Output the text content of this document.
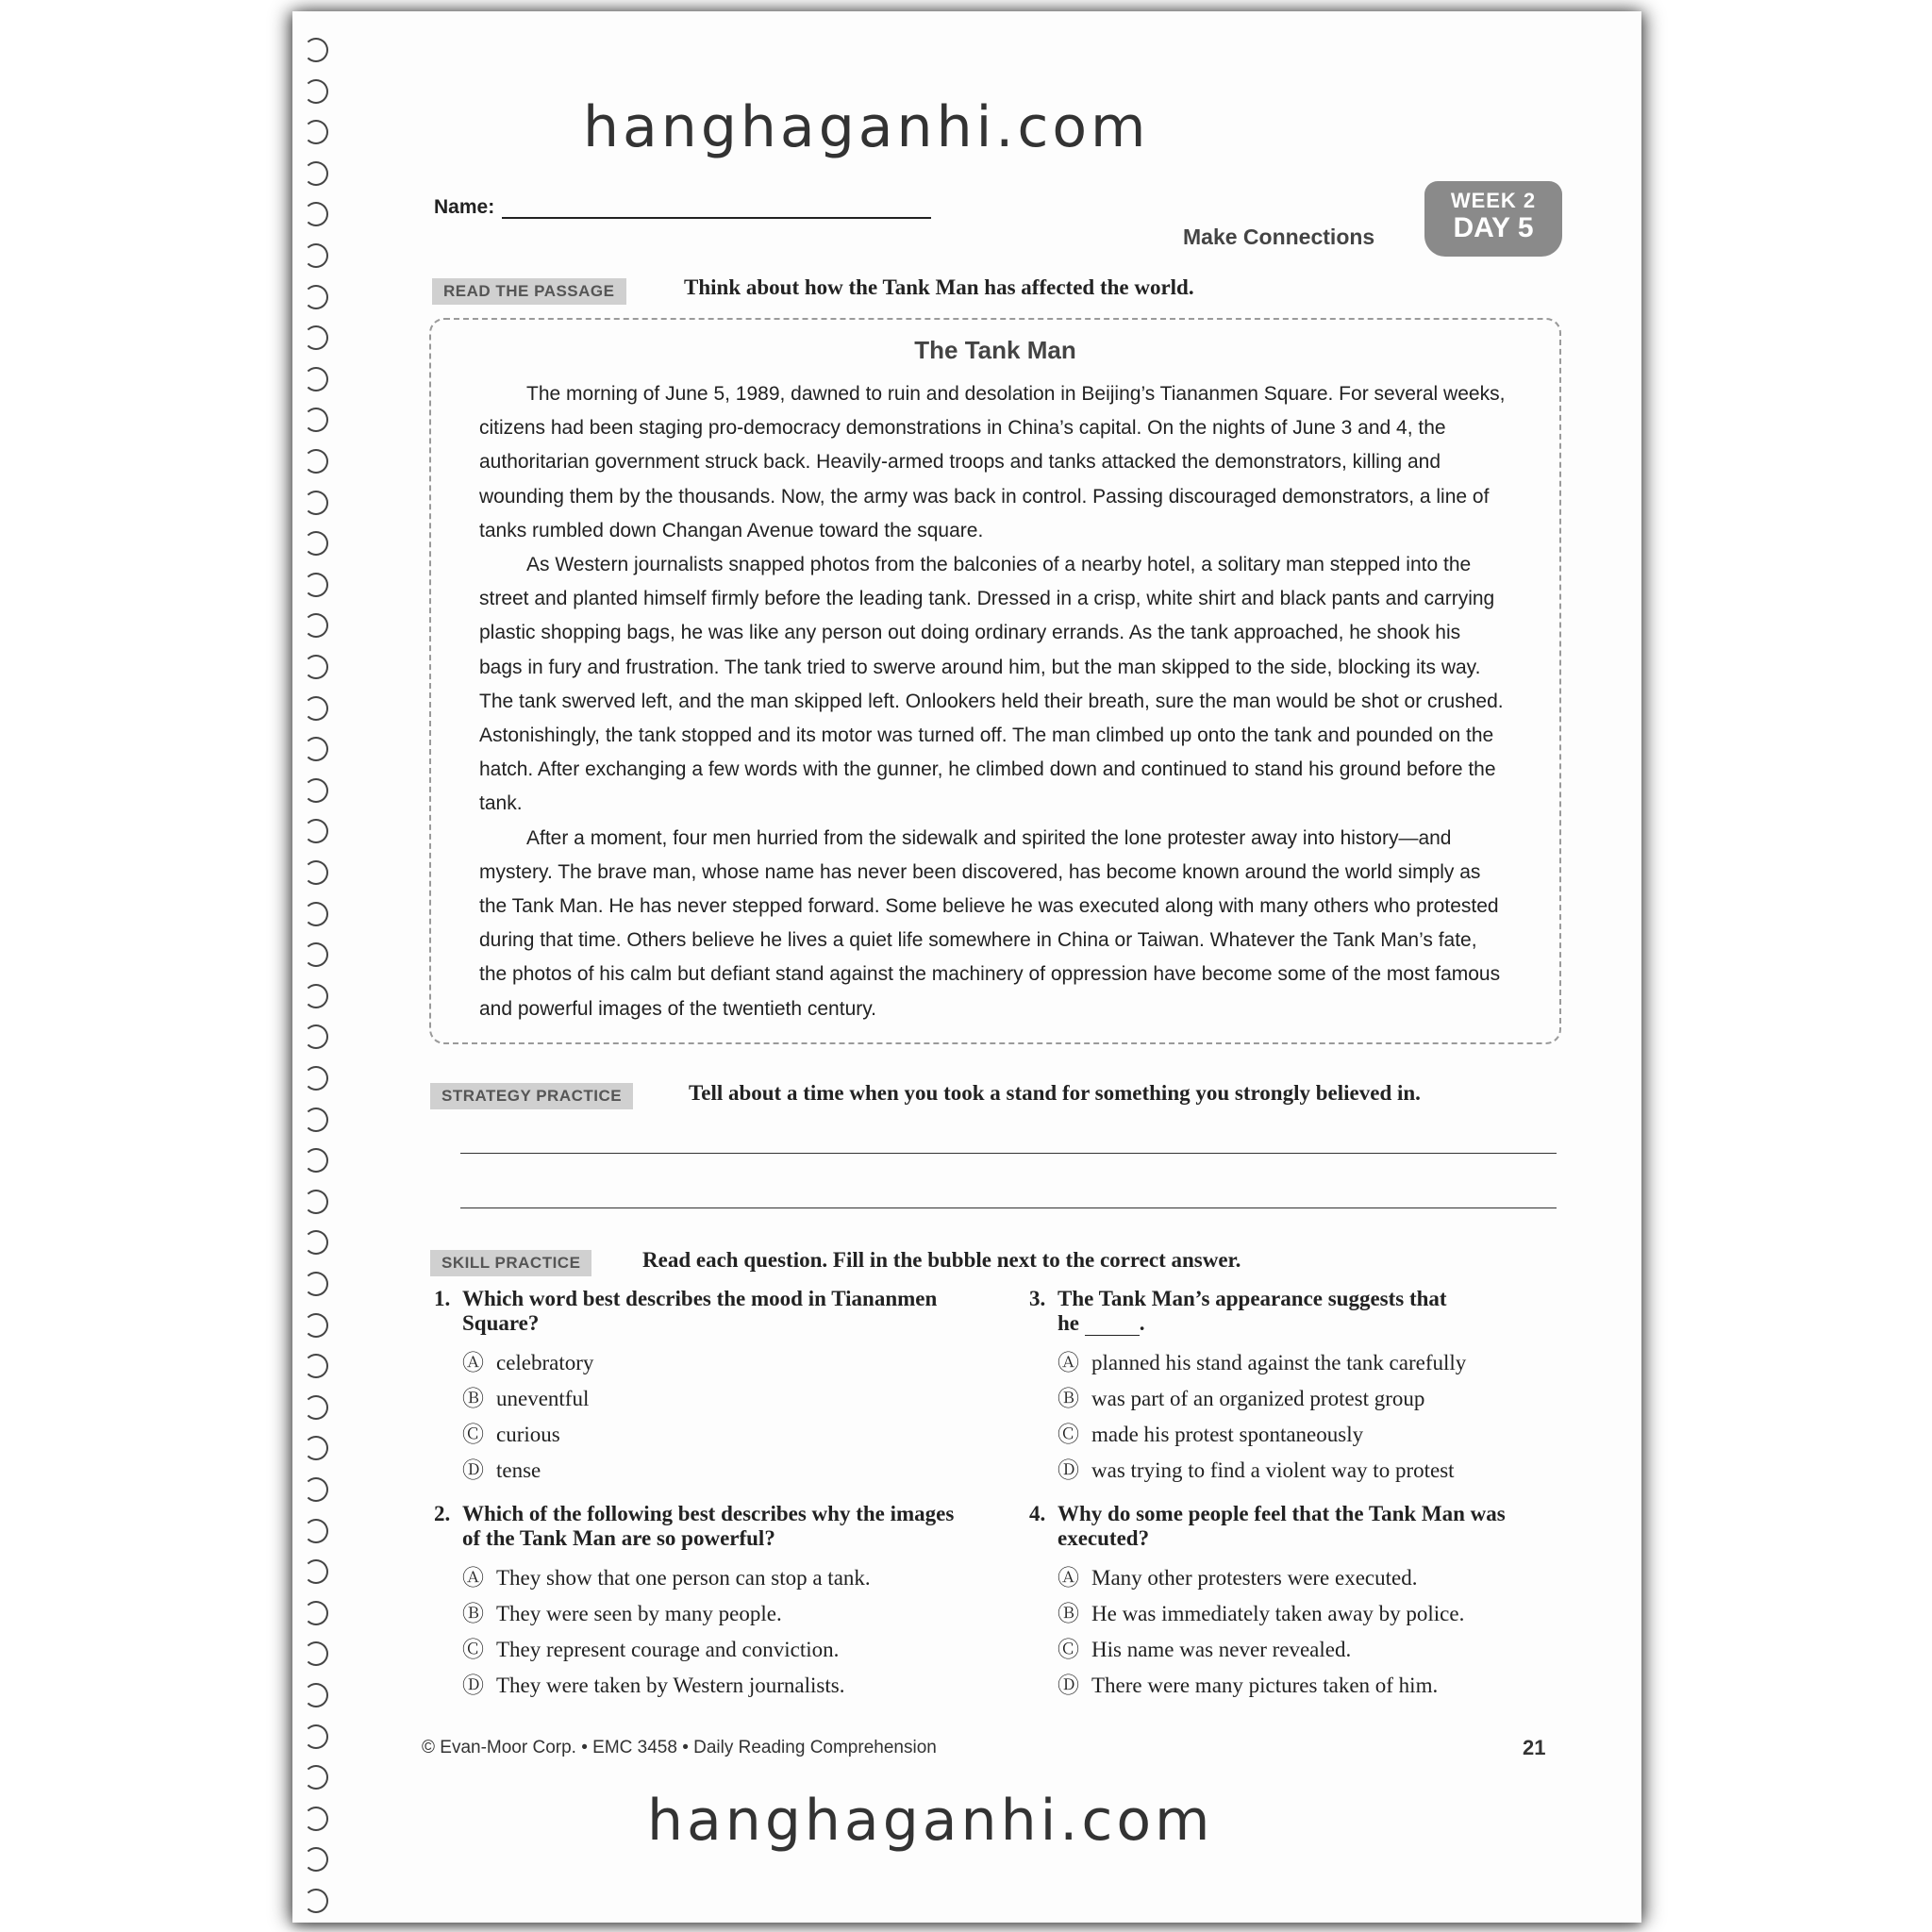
hanghaganhi.com
Name:
Make Connections
WEEK 2
DAY 5
READ THE PASSAGE	Think about how the Tank Man has affected the world.
The Tank Man

The morning of June 5, 1989, dawned to ruin and desolation in Beijing’s Tiananmen Square. For several weeks, citizens had been staging pro-democracy demonstrations in China’s capital. On the nights of June 3 and 4, the authoritarian government struck back. Heavily-armed troops and tanks attacked the demonstrators, killing and wounding them by the thousands. Now, the army was back in control. Passing discouraged demonstrators, a line of tanks rumbled down Changan Avenue toward the square.

As Western journalists snapped photos from the balconies of a nearby hotel, a solitary man stepped into the street and planted himself firmly before the leading tank. Dressed in a crisp, white shirt and black pants and carrying plastic shopping bags, he was like any person out doing ordinary errands. As the tank approached, he shook his bags in fury and frustration. The tank tried to swerve around him, but the man skipped to the side, blocking its way. The tank swerved left, and the man skipped left. Onlookers held their breath, sure the man would be shot or crushed. Astonishingly, the tank stopped and its motor was turned off. The man climbed up onto the tank and pounded on the hatch. After exchanging a few words with the gunner, he climbed down and continued to stand his ground before the tank.

After a moment, four men hurried from the sidewalk and spirited the lone protester away into history—and mystery. The brave man, whose name has never been discovered, has become known around the world simply as the Tank Man. He has never stepped forward. Some believe he was executed along with many others who protested during that time. Others believe he lives a quiet life somewhere in China or Taiwan. Whatever the Tank Man’s fate, the photos of his calm but defiant stand against the machinery of oppression have become some of the most famous and powerful images of the twentieth century.

STRATEGY PRACTICE	Tell about a time when you took a stand for something you strongly believed in.
SKILL PRACTICE	Read each question. Fill in the bubble next to the correct answer.
1. Which word best describes the mood in Tiananmen Square?
Ⓐ celebratory
Ⓑ uneventful
Ⓒ curious
Ⓓ tense
2. Which of the following best describes why the images of the Tank Man are so powerful?
Ⓐ They show that one person can stop a tank.
Ⓑ They were seen by many people.
Ⓒ They represent courage and conviction.
Ⓓ They were taken by Western journalists.
3. The Tank Man’s appearance suggests that
he	.
Ⓐ planned his stand against the tank carefully
Ⓑ was part of an organized protest group
Ⓒ made his protest spontaneously
Ⓓ was trying to find a violent way to protest
4. Why do some people feel that the Tank Man was executed?
Ⓐ Many other protesters were executed.
Ⓑ He was immediately taken away by police.
Ⓒ His name was never revealed.
Ⓓ There were many pictures taken of him.
© Evan-Moor Corp. • EMC 3458 • Daily Reading Comprehension	21
hanghaganhi.com
